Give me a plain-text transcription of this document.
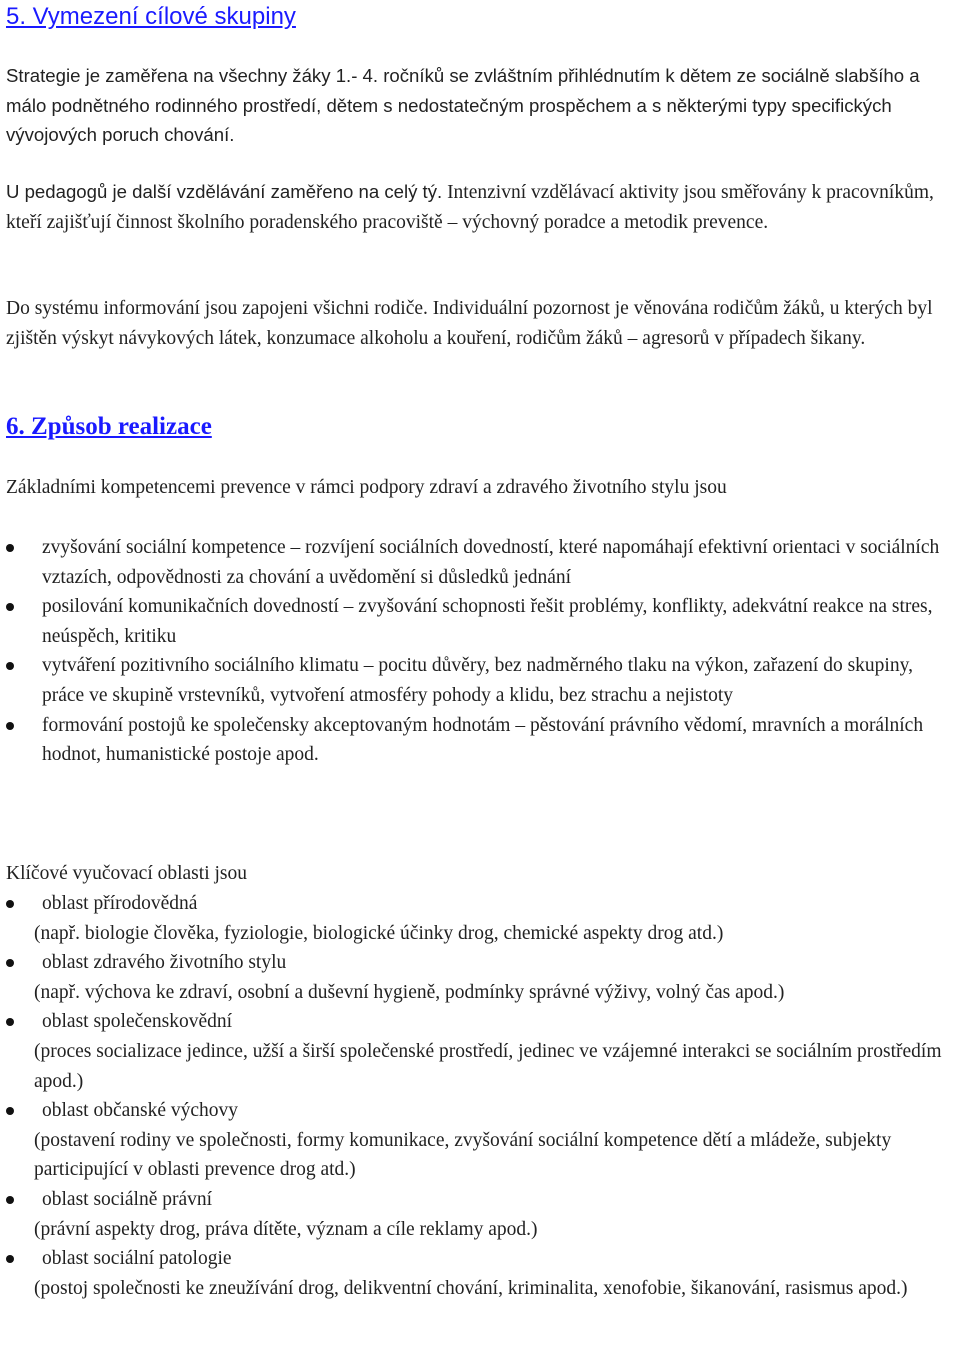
5. Vymezení cílové skupiny

Strategie je zaměřena na všechny žáky 1.- 4. ročníků se zvláštním přihlédnutím k dětem ze sociálně slabšího a málo podnětného rodinného prostředí, dětem s nedostatečným prospěchem a s některými typy specifických vývojových poruch chování.

U pedagogů je další vzdělávání zaměřeno na celý tý. Intenzivní vzdělávací aktivity jsou směřovány k pracovníkům, kteří zajišťují činnost školního poradenského pracoviště – výchovný poradce a metodik prevence.

Do systému informování jsou zapojeni všichni rodiče. Individuální pozornost je věnována rodičům žáků, u kterých byl zjištěn výskyt návykových látek, konzumace alkoholu a kouření, rodičům žáků – agresorů v případech šikany.

6. Způsob realizace

Základními kompetencemi prevence v rámci podpory zdraví a zdravého životního stylu jsou

zvyšování sociální kompetence – rozvíjení sociálních dovedností, které napomáhají efektivní orientaci v sociálních vztazích, odpovědnosti za chování a uvědomění si důsledků jednání
posilování komunikačních dovedností – zvyšování schopnosti řešit problémy, konflikty, adekvátní reakce na stres, neúspěch, kritiku
vytváření pozitivního sociálního klimatu – pocitu důvěry, bez nadměrného tlaku na výkon, zařazení do skupiny, práce ve skupině vrstevníků, vytvoření atmosféry pohody a klidu, bez strachu a nejistoty
formování postojů ke společensky akceptovaným hodnotám – pěstování právního vědomí, mravních a morálních hodnot, humanistické postoje apod.

Klíčové vyučovací oblasti jsou

oblast přírodovědná
(např. biologie člověka, fyziologie, biologické účinky drog, chemické aspekty drog atd.)
oblast zdravého životního stylu
(např. výchova ke zdraví, osobní a duševní hygieně, podmínky správné výživy, volný čas apod.)
oblast společenskovědní
(proces socializace jedince, užší a širší společenské prostředí, jedinec ve vzájemné interakci se sociálním prostředím apod.)
oblast občanské výchovy
(postavení rodiny ve společnosti, formy komunikace, zvyšování sociální kompetence dětí a mládeže, subjekty participující v oblasti prevence drog atd.)
oblast sociálně právní
(právní aspekty drog, práva dítěte, význam a cíle reklamy apod.)
oblast sociální patologie
(postoj společnosti ke zneužívání drog, delikventní chování, kriminalita, xenofobie, šikanování, rasismus apod.)
